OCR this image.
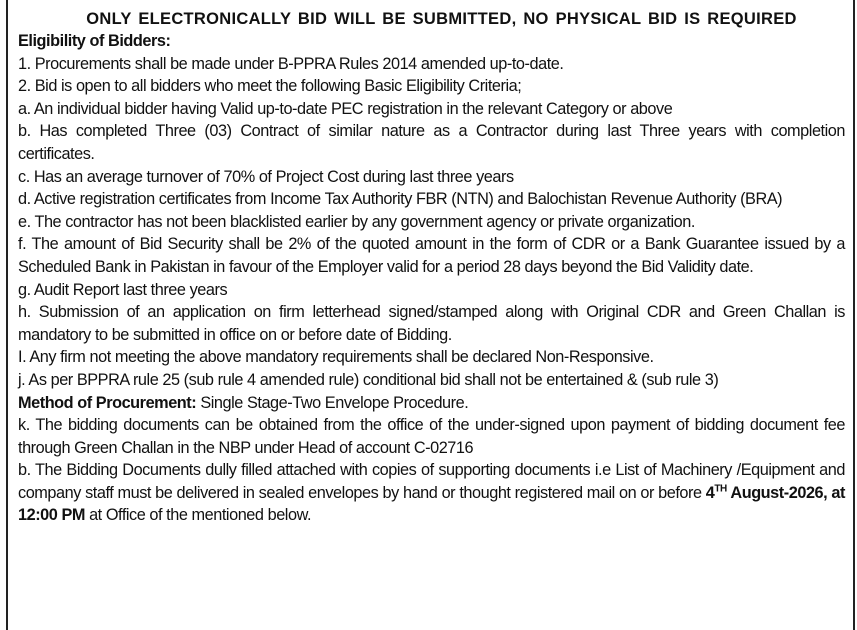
ONLY ELECTRONICALLY BID WILL BE SUBMITTED, NO PHYSICAL BID IS REQUIRED

Eligibility of Bidders:

1. Procurements shall be made under B-PPRA Rules 2014 amended up-to-date.

2. Bid is open to all bidders who meet the following Basic Eligibility Criteria;

a. An individual bidder having Valid up-to-date PEC registration in the relevant Category or above

b. Has completed Three (03) Contract of similar nature as a Contractor during last Three years with completion certificates.

c. Has an average turnover of 70% of Project Cost during last three years

d. Active registration certificates from Income Tax Authority FBR (NTN) and Balochistan Revenue Authority (BRA)

e. The contractor has not been blacklisted earlier by any government agency or private organization.

f. The amount of Bid Security shall be 2% of the quoted amount in the form of CDR or a Bank Guarantee issued by a Scheduled Bank in Pakistan in favour of the Employer valid for a period 28 days beyond the Bid Validity date.

g. Audit Report last three years

h. Submission of an application on firm letterhead signed/stamped along with Original CDR and Green Challan is mandatory to be submitted in office on or before date of Bidding.

I. Any firm not meeting the above mandatory requirements shall be declared Non-Responsive.

j. As per BPPRA rule 25 (sub rule 4 amended rule) conditional bid shall not be entertained & (sub rule 3)

Method of Procurement: Single Stage-Two Envelope Procedure.

k. The bidding documents can be obtained from the office of the under-signed upon payment of bidding document fee through Green Challan in the NBP under Head of account C-02716

b. The Bidding Documents dully filled attached with copies of supporting documents i.e List of Machinery /Equipment and company staff must be delivered in sealed envelopes by hand or thought registered mail on or before 4TH August-2026, at 12:00 PM at Office of the mentioned below.
